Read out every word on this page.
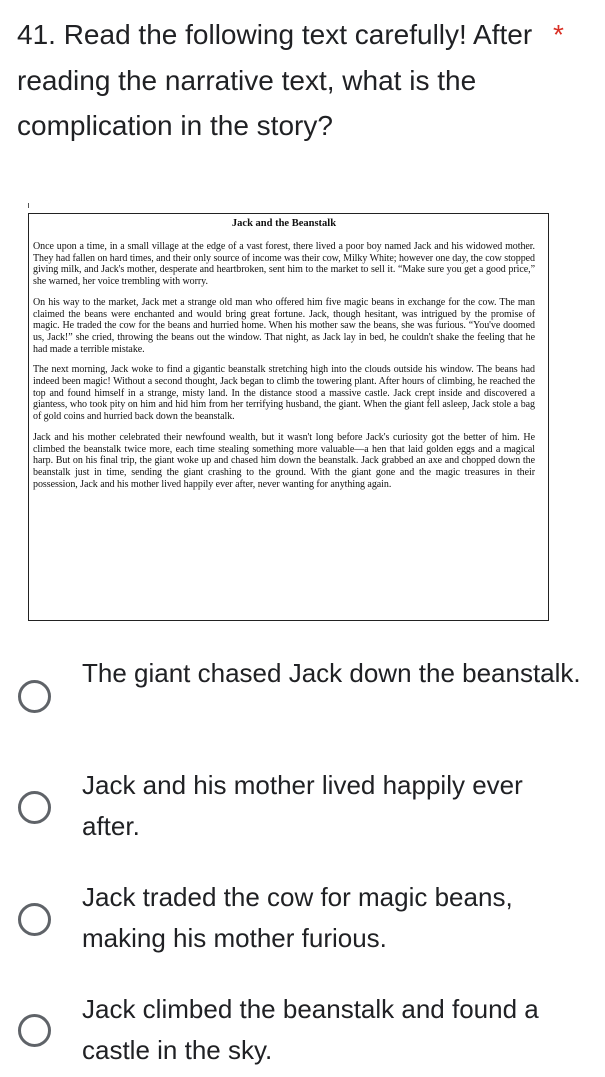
41. Read the following text carefully! After reading the narrative text, what is the complication in the story?
*
Jack and the Beanstalk

Once upon a time, in a small village at the edge of a vast forest, there lived a poor boy named Jack and his widowed mother. They had fallen on hard times, and their only source of income was their cow, Milky White; however one day, the cow stopped giving milk, and Jack's mother, desperate and heartbroken, sent him to the market to sell it. “Make sure you get a good price,” she warned, her voice trembling with worry.

On his way to the market, Jack met a strange old man who offered him five magic beans in exchange for the cow. The man claimed the beans were enchanted and would bring great fortune. Jack, though hesitant, was intrigued by the promise of magic. He traded the cow for the beans and hurried home. When his mother saw the beans, she was furious. “You've doomed us, Jack!” she cried, throwing the beans out the window. That night, as Jack lay in bed, he couldn't shake the feeling that he had made a terrible mistake.

The next morning, Jack woke to find a gigantic beanstalk stretching high into the clouds outside his window. The beans had indeed been magic! Without a second thought, Jack began to climb the towering plant. After hours of climbing, he reached the top and found himself in a strange, misty land. In the distance stood a massive castle. Jack crept inside and discovered a giantess, who took pity on him and hid him from her terrifying husband, the giant. When the giant fell asleep, Jack stole a bag of gold coins and hurried back down the beanstalk.

Jack and his mother celebrated their newfound wealth, but it wasn't long before Jack's curiosity got the better of him. He climbed the beanstalk twice more, each time stealing something more valuable—a hen that laid golden eggs and a magical harp. But on his final trip, the giant woke up and chased him down the beanstalk. Jack grabbed an axe and chopped down the beanstalk just in time, sending the giant crashing to the ground. With the giant gone and the magic treasures in their possession, Jack and his mother lived happily ever after, never wanting for anything again.

The giant chased Jack down the beanstalk.
Jack and his mother lived happily ever after.
Jack traded the cow for magic beans, making his mother furious.
Jack climbed the beanstalk and found a castle in the sky.
